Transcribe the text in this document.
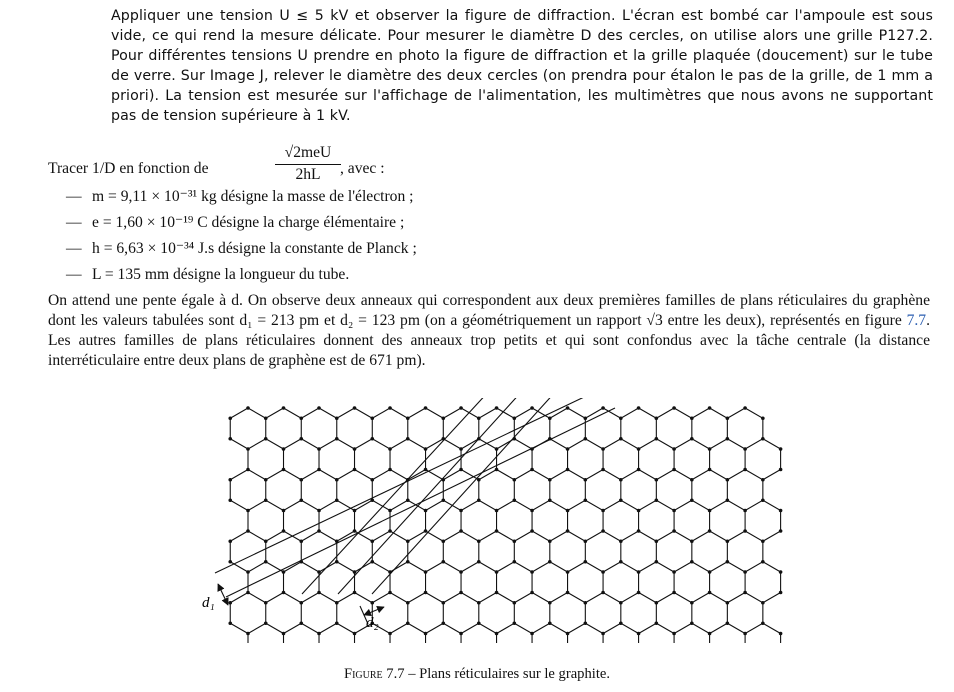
Appliquer une tension U ≤ 5 kV et observer la figure de diffraction. L'écran est bombé car l'ampoule est sous vide, ce qui rend la mesure délicate. Pour mesurer le diamètre D des cercles, on utilise alors une grille P127.2. Pour différentes tensions U prendre en photo la figure de diffraction et la grille plaquée (doucement) sur le tube de verre. Sur Image J, relever le diamètre des deux cercles (on prendra pour étalon le pas de la grille, de 1 mm a priori). La tension est mesurée sur l'affichage de l'alimentation, les multimètres que nous avons ne supportant pas de tension supérieure à 1 kV.
Tracer 1/D en fonction de
√2meU
2hL	, avec :
— m = 9,11 × 10⁻³¹ kg désigne la masse de l'électron ;
— e = 1,60 × 10⁻¹⁹ C désigne la charge élémentaire ;
— h = 6,63 × 10⁻³⁴ J.s désigne la constante de Planck ;
— L = 135 mm désigne la longueur du tube.
On attend une pente égale à d. On observe deux anneaux qui correspondent aux deux premières familles de plans réticulaires du graphène dont les valeurs tabulées sont d₁ = 213 pm et d₂ = 123 pm (on a géométriquement un rapport √3 entre les deux), représentés en figure 7.7. Les autres familles de plans réticulaires donnent des anneaux trop petits et qui sont confondus avec la tâche centrale (la distance interréticulaire entre deux plans de graphène est de 671 pm).
d₁
d₂
Figure 7.7 – Plans réticulaires sur le graphite.
